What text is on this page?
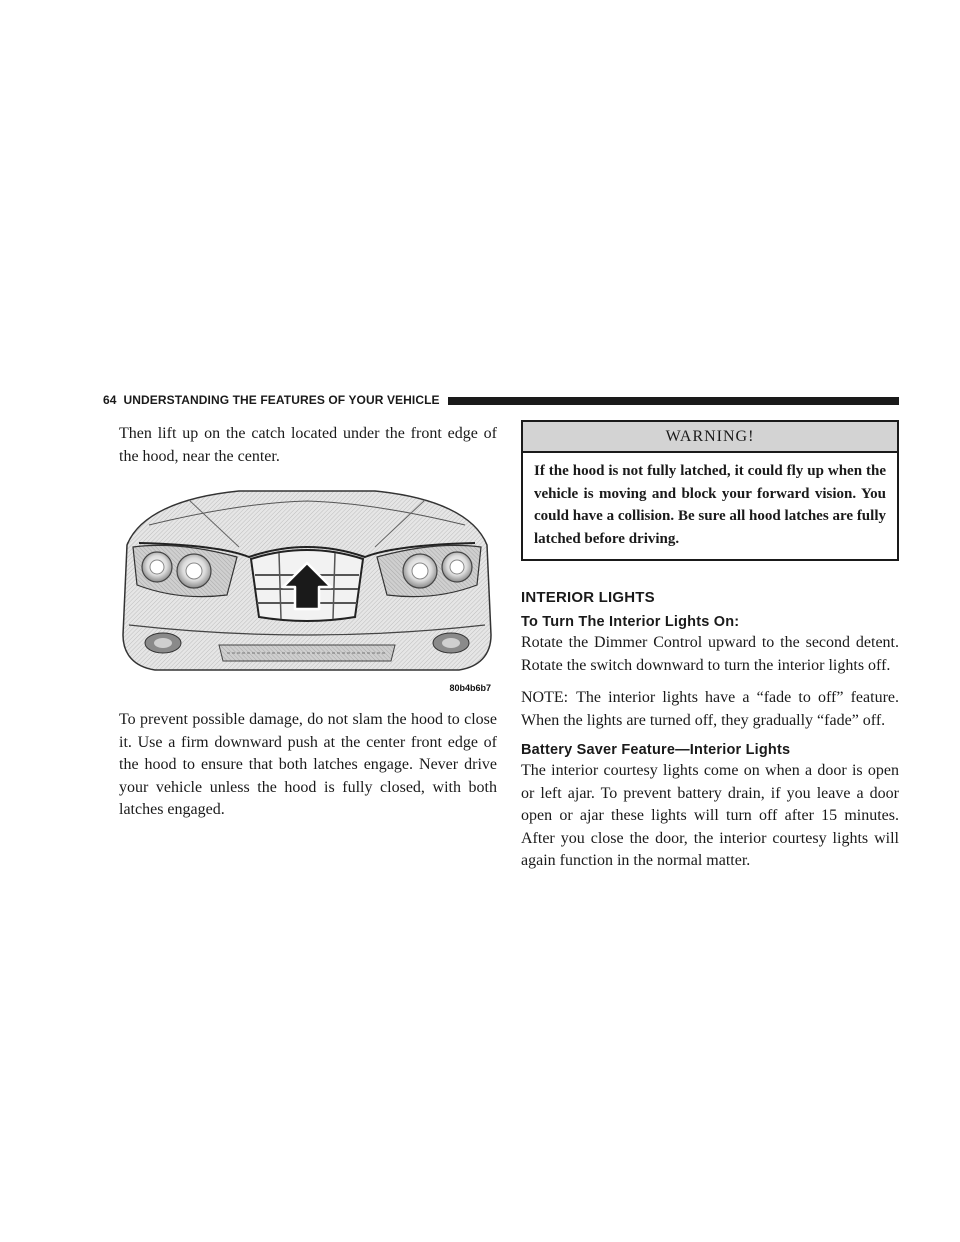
64 UNDERSTANDING THE FEATURES OF YOUR VEHICLE

Then lift up on the catch located under the front edge of the hood, near the center.

80b4b6b7

To prevent possible damage, do not slam the hood to close it. Use a firm downward push at the center front edge of the hood to ensure that both latches engage. Never drive your vehicle unless the hood is fully closed, with both latches engaged.

WARNING!
If the hood is not fully latched, it could fly up when the vehicle is moving and block your forward vision. You could have a collision. Be sure all hood latches are fully latched before driving.
INTERIOR LIGHTS
To Turn The Interior Lights On:

Rotate the Dimmer Control upward to the second detent. Rotate the switch downward to turn the interior lights off.

NOTE: The interior lights have a “fade to off” feature. When the lights are turned off, they gradually “fade” off.

Battery Saver Feature—Interior Lights

The interior courtesy lights come on when a door is open or left ajar. To prevent battery drain, if you leave a door open or ajar these lights will turn off after 15 minutes. After you close the door, the interior courtesy lights will again function in the normal matter.
